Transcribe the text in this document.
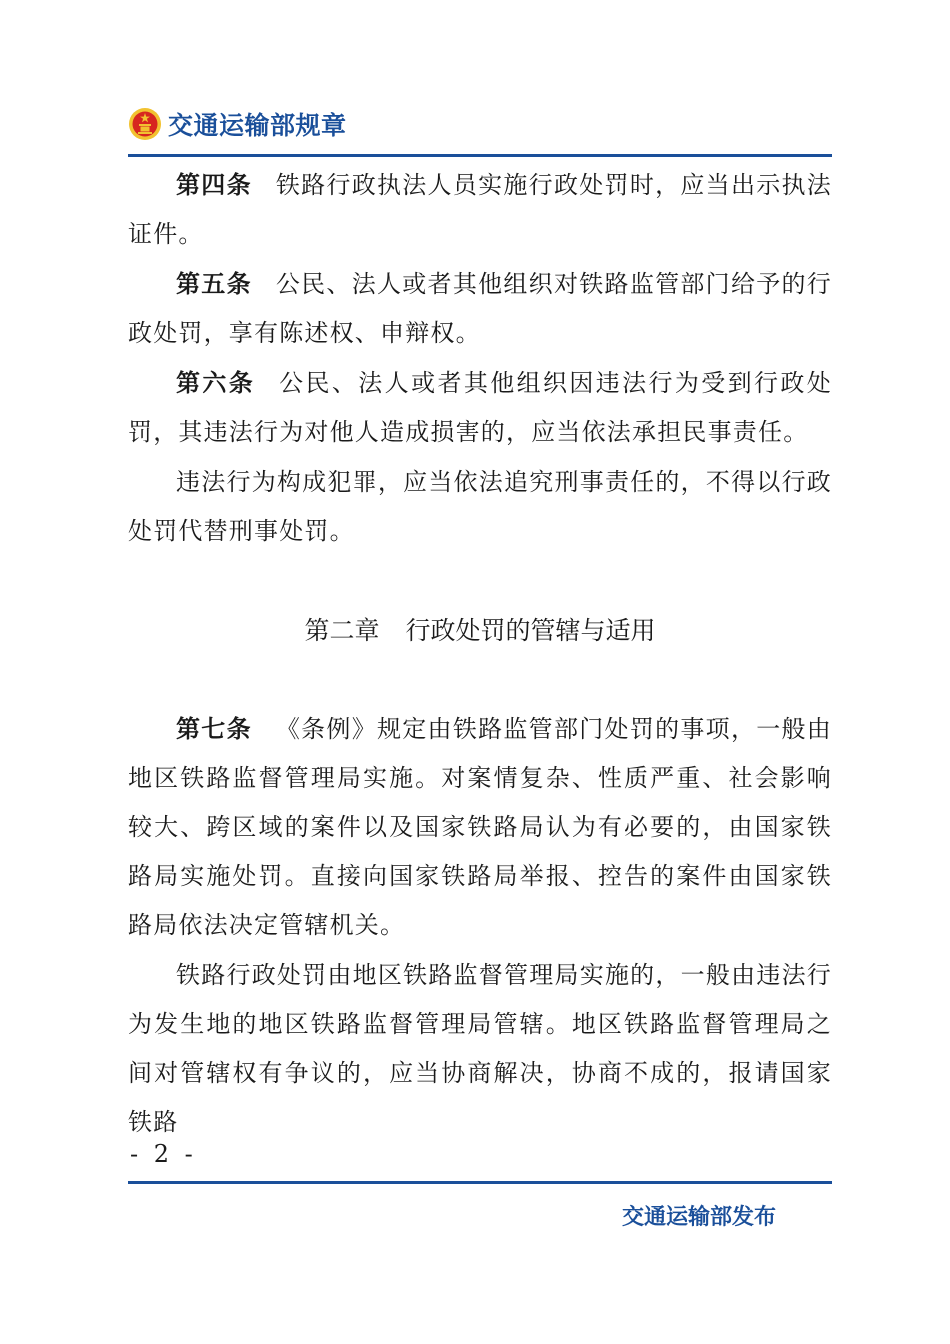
交通运输部规章

第四条 铁路行政执法人员实施行政处罚时，应当出示执法证件。

第五条 公民、法人或者其他组织对铁路监管部门给予的行政处罚，享有陈述权、申辩权。

第六条 公民、法人或者其他组织因违法行为受到行政处罚，其违法行为对他人造成损害的，应当依法承担民事责任。

违法行为构成犯罪，应当依法追究刑事责任的，不得以行政处罚代替刑事处罚。

第二章 行政处罚的管辖与适用

第七条 《条例》规定由铁路监管部门处罚的事项，一般由地区铁路监督管理局实施。对案情复杂、性质严重、社会影响较大、跨区域的案件以及国家铁路局认为有必要的，由国家铁路局实施处罚。直接向国家铁路局举报、控告的案件由国家铁路局依法决定管辖机关。

铁路行政处罚由地区铁路监督管理局实施的，一般由违法行为发生地的地区铁路监督管理局管辖。地区铁路监督管理局之间对管辖权有争议的，应当协商解决，协商不成的，报请国家铁路

- 2 -
交通运输部发布
